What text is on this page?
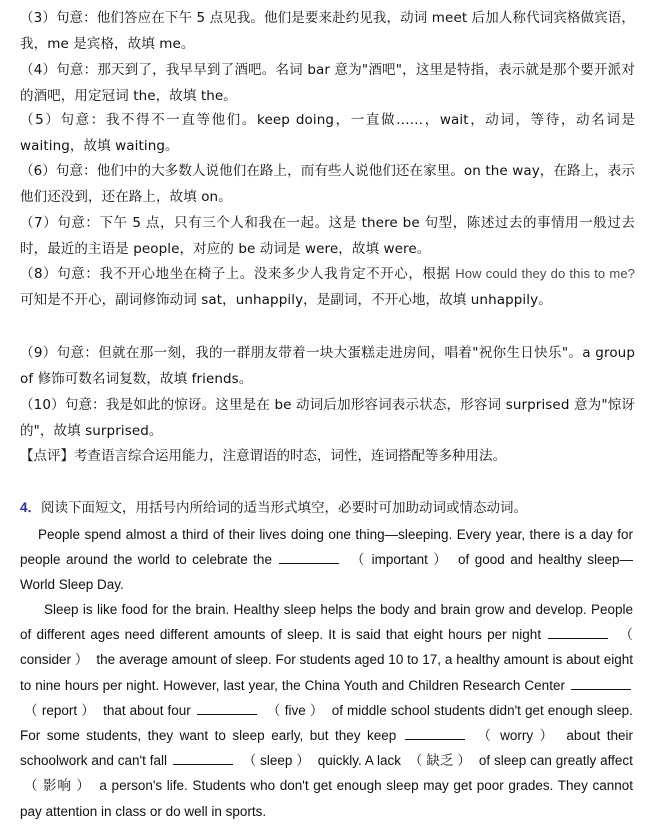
（3）句意：他们答应在下午 5 点见我。他们是要来赴约见我，动词 meet 后加人称代词宾格做宾语，我，me 是宾格，故填 me。
（4）句意：那天到了，我早早到了酒吧。名词 bar 意为"酒吧"，这里是特指，表示就是那个要开派对的酒吧，用定冠词 the，故填 the。
（5）句意：我不得不一直等他们。keep doing，一直做……，wait，动词，等待，动名词是 waiting，故填 waiting。
（6）句意：他们中的大多数人说他们在路上，而有些人说他们还在家里。on the way，在路上，表示他们还没到，还在路上，故填 on。
（7）句意：下午 5 点，只有三个人和我在一起。这是 there be 句型，陈述过去的事情用一般过去时，最近的主语是 people，对应的 be 动词是 were，故填 were。
（8）句意：我不开心地坐在椅子上。没来多少人我肯定不开心，根据 How could they do this to me? 可知是不开心，副词修饰动词 sat，unhappily，是副词，不开心地，故填 unhappily。
（9）句意：但就在那一刻，我的一群朋友带着一块大蛋糕走进房间，唱着"祝你生日快乐"。a group of 修饰可数名词复数，故填 friends。
（10）句意：我是如此的惊讶。这里是在 be 动词后加形容词表示状态，形容词 surprised 意为"惊讶的"，故填 surprised。
【点评】考查语言综合运用能力，注意谓语的时态，词性，连词搭配等多种用法。
4．阅读下面短文，用括号内所给词的适当形式填空，必要时可加助动词或情态动词。
People spend almost a third of their lives doing one thing—sleeping. Every year, there is a day for people around the world to celebrate the	（ important ） of good and healthy sleep—World Sleep Day.
Sleep is like food for the brain. Healthy sleep helps the body and brain grow and develop. People of different ages need different amounts of sleep. It is said that eight hours per night	（ consider ） the average amount of sleep. For students aged 10 to 17, a healthy amount is about eight to nine hours per night. However, last year, the China Youth and Children Research Center  （ report ） that about four	（ five ） of middle school students didn't get enough sleep. For some students, they want to sleep early, but they keep	（ worry ） about their schoolwork and can't fall	（ sleep ） quickly. A lack （ 缺乏 ） of sleep can greatly affect （ 影响 ） a person's life. Students who don't get enough sleep may get poor grades. They cannot pay attention in class or do well in sports.
